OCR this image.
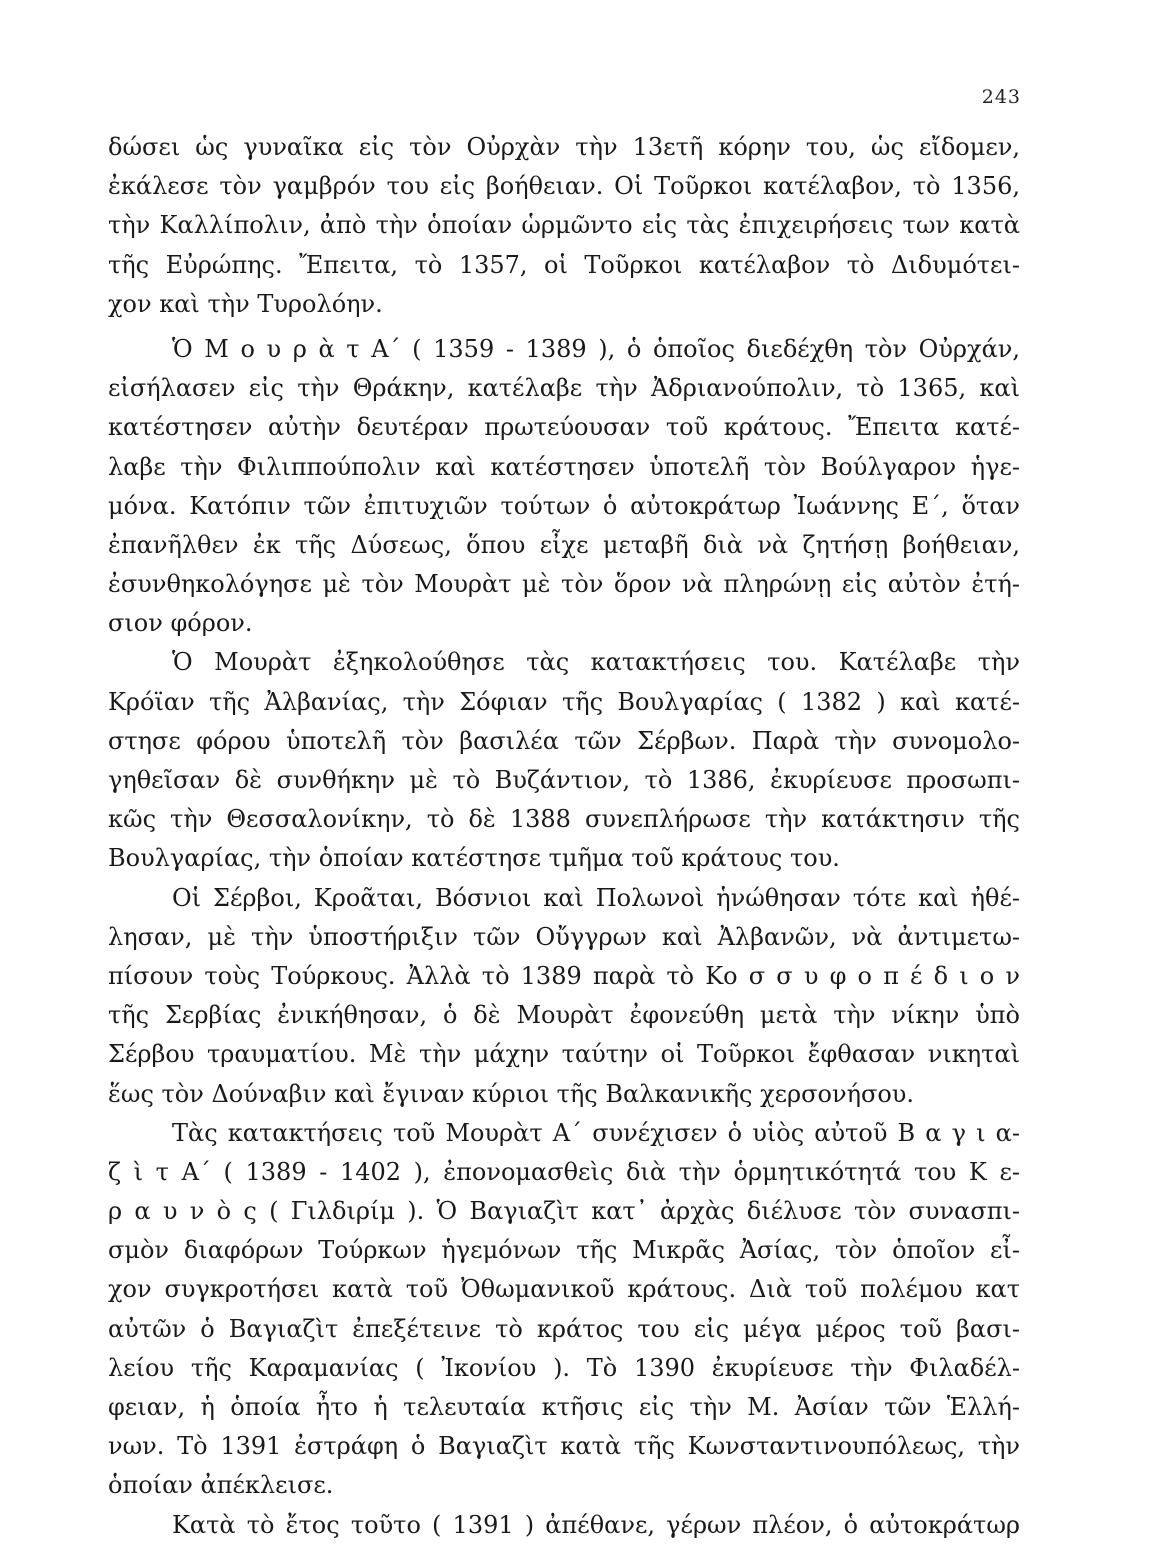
243
δώσει ὡς γυναῖκα εἰς τὸν Οὐρχὰν τὴν 13ετῆ κόρην του, ὡς εἴδομεν,
ἐκάλεσε τὸν γαμβρόν του εἰς βοήθειαν. Οἱ Τοῦρκοι κατέλαβον, τὸ 1356,
τὴν Καλλίπολιν, ἀπὸ τὴν ὁποίαν ὡρμῶντο εἰς τὰς ἐπιχειρήσεις των κατὰ
τῆς Εὐρώπης. Ἔπειτα, τὸ 1357, οἱ Τοῦρκοι κατέλαβον τὸ Διδυμότει-
χον καὶ τὴν Τυρολόην.
Ὁ Μ ο υ ρ ὰ τ Α΄ ( 1359 - 1389 ), ὁ ὁποῖος διεδέχθη τὸν Οὐρχάν,
εἰσήλασεν εἰς τὴν Θράκην, κατέλαβε τὴν Ἀδριανούπολιν, τὸ 1365, καὶ
κατέστησεν αὐτὴν δευτέραν πρωτεύουσαν τοῦ κράτους. Ἔπειτα κατέ-
λαβε τὴν Φιλιππούπολιν καὶ κατέστησεν ὑποτελῆ τὸν Βούλγαρον ἡγε-
μόνα. Κατόπιν τῶν ἐπιτυχιῶν τούτων ὁ αὐτοκράτωρ Ἰωάννης Ε΄, ὅταν
ἐπανῆλθεν ἐκ τῆς Δύσεως, ὅπου εἶχε μεταβῆ διὰ νὰ ζητήσῃ βοήθειαν,
ἐσυνθηκολόγησε μὲ τὸν Μουρὰτ μὲ τὸν ὅρον νὰ πληρώνῃ εἰς αὐτὸν ἐτή-
σιον φόρον.
Ὁ Μουρὰτ ἐξηκολούθησε τὰς κατακτήσεις του. Κατέλαβε τὴν
Κρόϊαν τῆς Ἀλβανίας, τὴν Σόφιαν τῆς Βουλγαρίας ( 1382 ) καὶ κατέ-
στησε φόρου ὑποτελῆ τὸν βασιλέα τῶν Σέρβων. Παρὰ τὴν συνομολο-
γηθεῖσαν δὲ συνθήκην μὲ τὸ Βυζάντιον, τὸ 1386, ἐκυρίευσε προσωπι-
κῶς τὴν Θεσσαλονίκην, τὸ δὲ 1388 συνεπλήρωσε τὴν κατάκτησιν τῆς
Βουλγαρίας, τὴν ὁποίαν κατέστησε τμῆμα τοῦ κράτους του.
Οἱ Σέρβοι, Κροᾶται, Βόσνιοι καὶ Πολωνοὶ ἡνώθησαν τότε καὶ ἠθέ-
λησαν, μὲ τὴν ὑποστήριξιν τῶν Οὔγγρων καὶ Ἀλβανῶν, νὰ ἀντιμετω-
πίσουν τοὺς Τούρκους. Ἀλλὰ τὸ 1389 παρὰ τὸ Κο σ σ υ φ ο π έ δ ι ο ν
τῆς Σερβίας ἐνικήθησαν, ὁ δὲ Μουρὰτ ἐφονεύθη μετὰ τὴν νίκην ὑπὸ
Σέρβου τραυματίου. Μὲ τὴν μάχην ταύτην οἱ Τοῦρκοι ἔφθασαν νικηταὶ
ἕως τὸν Δούναβιν καὶ ἔγιναν κύριοι τῆς Βαλκανικῆς χερσονήσου.
Τὰς κατακτήσεις τοῦ Μουρὰτ Α΄ συνέχισεν ὁ υἱὸς αὐτοῦ Β α γ ι α-
ζ ὶ τ Α΄ ( 1389 - 1402 ), ἐπονομασθεὶς διὰ τὴν ὁρμητικότητά του Κ ε-
ρ α υ ν ὸ ς ( Γιλδιρίμ ). Ὁ Βαγιαζὶτ κατ᾽ ἀρχὰς διέλυσε τὸν συνασπι-
σμὸν διαφόρων Τούρκων ἡγεμόνων τῆς Μικρᾶς Ἀσίας, τὸν ὁποῖον εἶ-
χον συγκροτήσει κατὰ τοῦ Ὀθωμανικοῦ κράτους. Διὰ τοῦ πολέμου κατ
αὐτῶν ὁ Βαγιαζὶτ ἐπεξέτεινε τὸ κράτος του εἰς μέγα μέρος τοῦ βασι-
λείου τῆς Καραμανίας ( Ἰκονίου ). Τὸ 1390 ἐκυρίευσε τὴν Φιλαδέλ-
φειαν, ἡ ὁποία ἦτο ἡ τελευταία κτῆσις εἰς τὴν Μ. Ἀσίαν τῶν Ἑλλή-
νων. Τὸ 1391 ἐστράφη ὁ Βαγιαζὶτ κατὰ τῆς Κωνσταντινουπόλεως, τὴν
ὁποίαν ἀπέκλεισε.
Κατὰ τὸ ἔτος τοῦτο ( 1391 ) ἀπέθανε, γέρων πλέον, ὁ αὐτοκράτωρ
